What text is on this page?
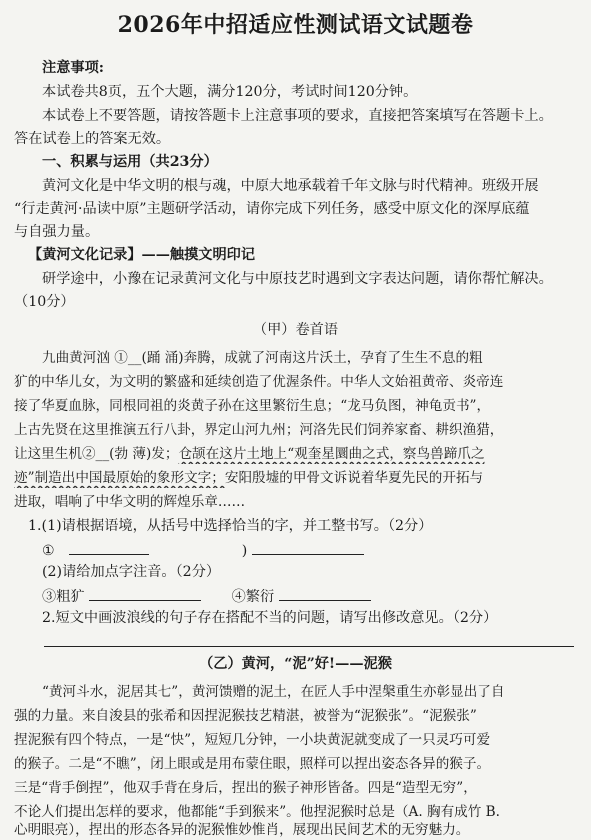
2026年中招适应性测试语文试题卷
注意事项:
本试卷共8页，五个大题，满分120分，考试时间120分钟。
本试卷上不要答题，请按答题卡上注意事项的要求，直接把答案填写在答题卡上。
答在试卷上的答案无效。
一、积累与运用（共23分）
黄河文化是中华文明的根与魂，中原大地承载着千年文脉与时代精神。班级开展
“行走黄河·品读中原”主题研学活动，请你完成下列任务，感受中原文化的深厚底蕴
与自强力量。
【黄河文化记录】——触摸文明印记
研学途中，小豫在记录黄河文化与中原技艺时遇到文字表达问题，请你帮忙解决。
（10分）
（甲）卷首语
九曲黄河汹 ①__(踊 涌)奔腾，成就了河南这片沃土，孕育了生生不息的粗
犷的中华儿女，为文明的繁盛和延续创造了优渥条件。中华人文始祖黄帝、炎帝连
接了华夏血脉，同根同祖的炎黄子孙在这里繁衍生息；“龙马负图，神龟贡书”，
上古先贤在这里推演五行八卦，界定山河九州；河洛先民们饲养家畜、耕织渔猎，
让这里生机②__(勃 薄)发；仓颉在这片土地上“观奎星圜曲之式，察鸟兽蹄爪之
迹”制造出中国最原始的象形文字；安阳殷墟的甲骨文诉说着华夏先民的开拓与
进取，唱响了中华文明的辉煌乐章……
1.(1)请根据语境，从括号中选择恰当的字，并工整书写。（2分）
①	)
(2)请给加点字注音。（2分）
③粗犷	④繁衍
2.短文中画波浪线的句子存在搭配不当的问题，请写出修改意见。（2分）
（乙）黄河，“泥”好!——泥猴
“黄河斗水，泥居其七”，黄河馈赠的泥土，在匠人手中涅槃重生亦彰显出了自
强的力量。来自浚县的张希和因捏泥猴技艺精湛，被誉为“泥猴张”。“泥猴张”
捏泥猴有四个特点，一是“快”，短短几分钟，一小块黄泥就变成了一只灵巧可爱
的猴子。二是“不瞧”，闭上眼或是用布蒙住眼，照样可以捏出姿态各异的猴子。
三是“背手倒捏”，他双手背在身后，捏出的猴子神形皆备。四是“造型无穷”，
不论人们提出怎样的要求，他都能“手到猴来”。他捏泥猴时总是（A. 胸有成竹 B.
心明眼亮），捏出的形态各异的泥猴惟妙惟肖，展现出民间艺术的无穷魅力。
